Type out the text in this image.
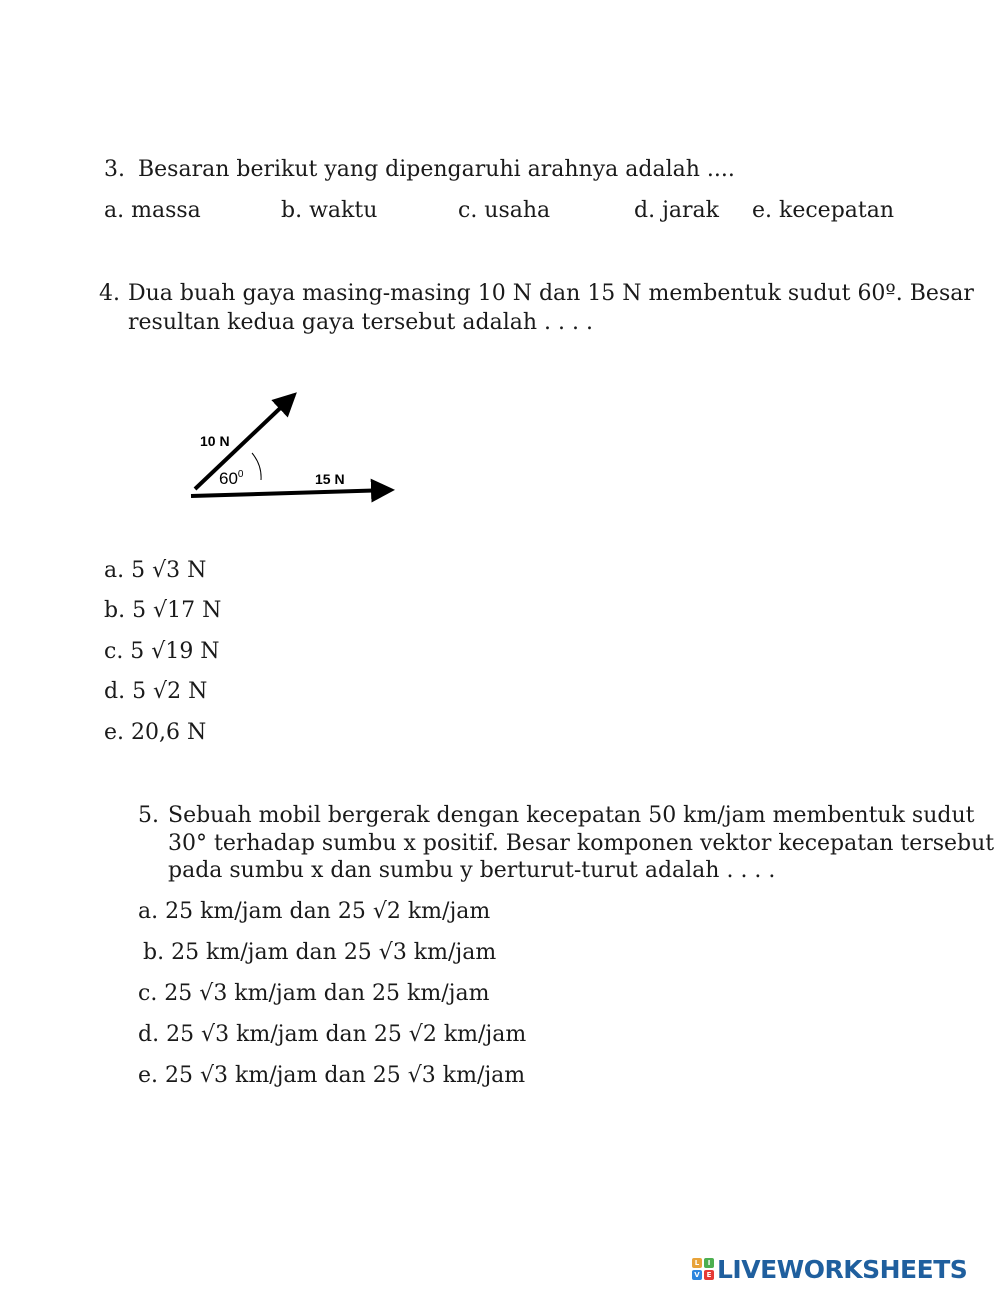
3. Besaran berikut yang dipengaruhi arahnya adalah ....
a. massa	b. waktu	c. usaha	d. jarak e. kecepatan
4. Dua buah gaya masing-masing 10 N dan 15 N membentuk sudut 60º. Besar
resultan kedua gaya tersebut adalah . . . .
10 N
15 N
$60^0$
a. 5 √3 N
b. 5 √17 N
c. 5 √19 N
d. 5 √2 N
e. 20,6 N
5. Sebuah mobil bergerak dengan kecepatan 50 km/jam membentuk sudut
30° terhadap sumbu x positif. Besar komponen vektor kecepatan tersebut
pada sumbu x dan sumbu y berturut-turut adalah . . . .
a. 25 km/jam dan 25 √2 km/jam
b. 25 km/jam dan 25 √3 km/jam
c. 25 √3 km/jam dan 25 km/jam
d. 25 √3 km/jam dan 25 √2 km/jam
e. 25 √3 km/jam dan 25 √3 km/jam
L	I
V E LIVEWORKSHEETS
